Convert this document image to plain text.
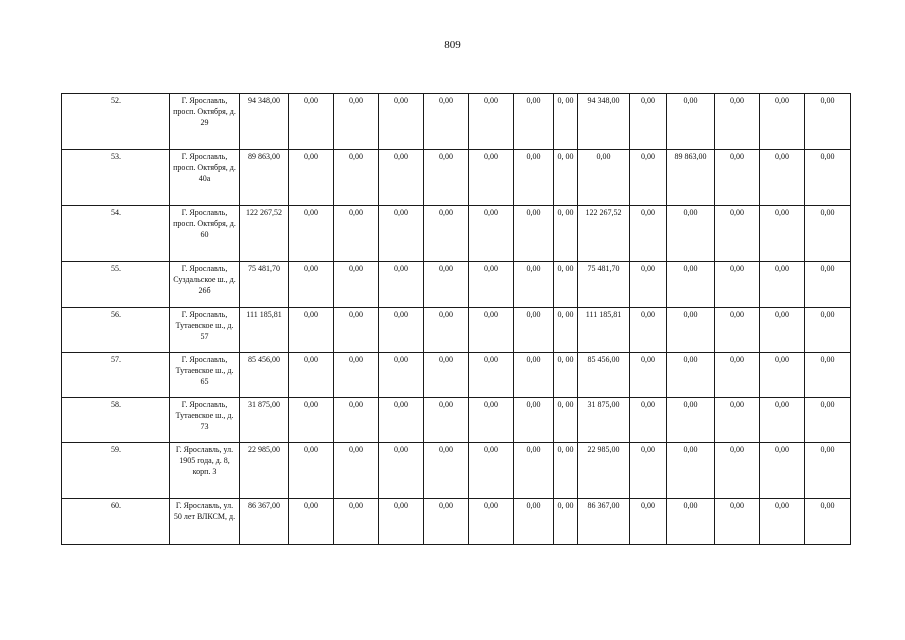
809
52.	Г. Ярославль, просп. Октября, д. 29	94 348,00	0,00	0,00	0,00	0,00	0,00	0,00	0, 00	94 348,00	0,00	0,00	0,00	0,00	0,00
53.	Г. Ярославль, просп. Октября, д. 40а	89 863,00	0,00	0,00	0,00	0,00	0,00	0,00	0, 00	0,00	0,00	89 863,00	0,00	0,00	0,00
54.	Г. Ярославль, просп. Октября, д. 60	122 267,52	0,00	0,00	0,00	0,00	0,00	0,00	0, 00	122 267,52	0,00	0,00	0,00	0,00	0,00
55.	Г. Ярославль, Суздальское ш., д. 26б	75 481,70	0,00	0,00	0,00	0,00	0,00	0,00	0, 00	75 481,70	0,00	0,00	0,00	0,00	0,00
56.	Г. Ярославль, Тутаевское ш., д. 57	111 185,81	0,00	0,00	0,00	0,00	0,00	0,00	0, 00	111 185,81	0,00	0,00	0,00	0,00	0,00
57.	Г. Ярославль, Тутаевское ш., д. 65	85 456,00	0,00	0,00	0,00	0,00	0,00	0,00	0, 00	85 456,00	0,00	0,00	0,00	0,00	0,00
58.	Г. Ярославль, Тутаевское ш., д. 73	31 875,00	0,00	0,00	0,00	0,00	0,00	0,00	0, 00	31 875,00	0,00	0,00	0,00	0,00	0,00
59.	Г. Ярославль, ул. 1905 года, д. 8, корп. 3	22 985,00	0,00	0,00	0,00	0,00	0,00	0,00	0, 00	22 985,00	0,00	0,00	0,00	0,00	0,00
60.	Г. Ярославль, ул. 50 лет ВЛКСМ, д.	86 367,00	0,00	0,00	0,00	0,00	0,00	0,00	0, 00	86 367,00	0,00	0,00	0,00	0,00	0,00
